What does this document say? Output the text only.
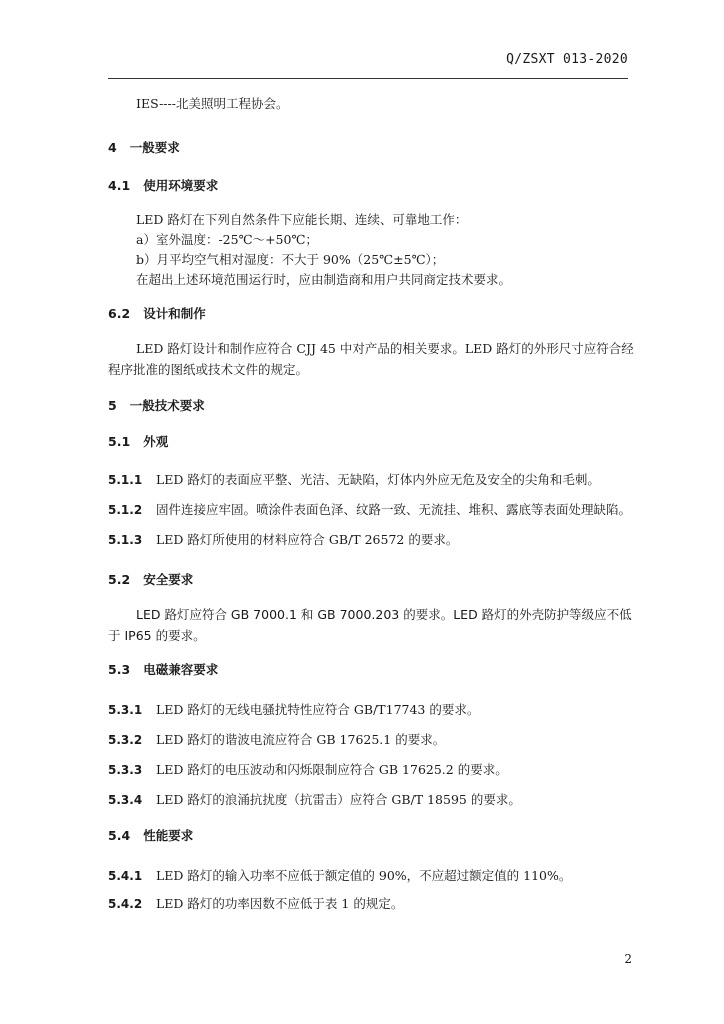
Q/ZSXT 013-2020
IES----北美照明工程协会。
4 一般要求
4.1 使用环境要求
LED 路灯在下列自然条件下应能长期、连续、可靠地工作：
a）室外温度：-25℃～+50℃；
b）月平均空气相对湿度：不大于 90%（25℃±5℃）；
在超出上述环境范围运行时，应由制造商和用户共同商定技术要求。
6.2 设计和制作
LED 路灯设计和制作应符合 CJJ 45 中对产品的相关要求。LED 路灯的外形尺寸应符合经程序批准的图纸或技术文件的规定。
5 一般技术要求
5.1 外观
5.1.1 LED 路灯的表面应平整、光洁、无缺陷，灯体内外应无危及安全的尖角和毛刺。
5.1.2 固件连接应牢固。喷涂件表面色泽、纹路一致、无流挂、堆积、露底等表面处理缺陷。
5.1.3 LED 路灯所使用的材料应符合 GB/T 26572 的要求。
5.2 安全要求
LED 路灯应符合 GB 7000.1 和 GB 7000.203 的要求。LED 路灯的外壳防护等级应不低于 IP65 的要求。
5.3 电磁兼容要求
5.3.1 LED 路灯的无线电骚扰特性应符合 GB/T17743 的要求。
5.3.2 LED 路灯的谐波电流应符合 GB 17625.1 的要求。
5.3.3 LED 路灯的电压波动和闪烁限制应符合 GB 17625.2 的要求。
5.3.4 LED 路灯的浪涌抗扰度（抗雷击）应符合 GB/T 18595 的要求。
5.4 性能要求
5.4.1 LED 路灯的输入功率不应低于额定值的 90%，不应超过额定值的 110%。
5.4.2 LED 路灯的功率因数不应低于表 1 的规定。
2
